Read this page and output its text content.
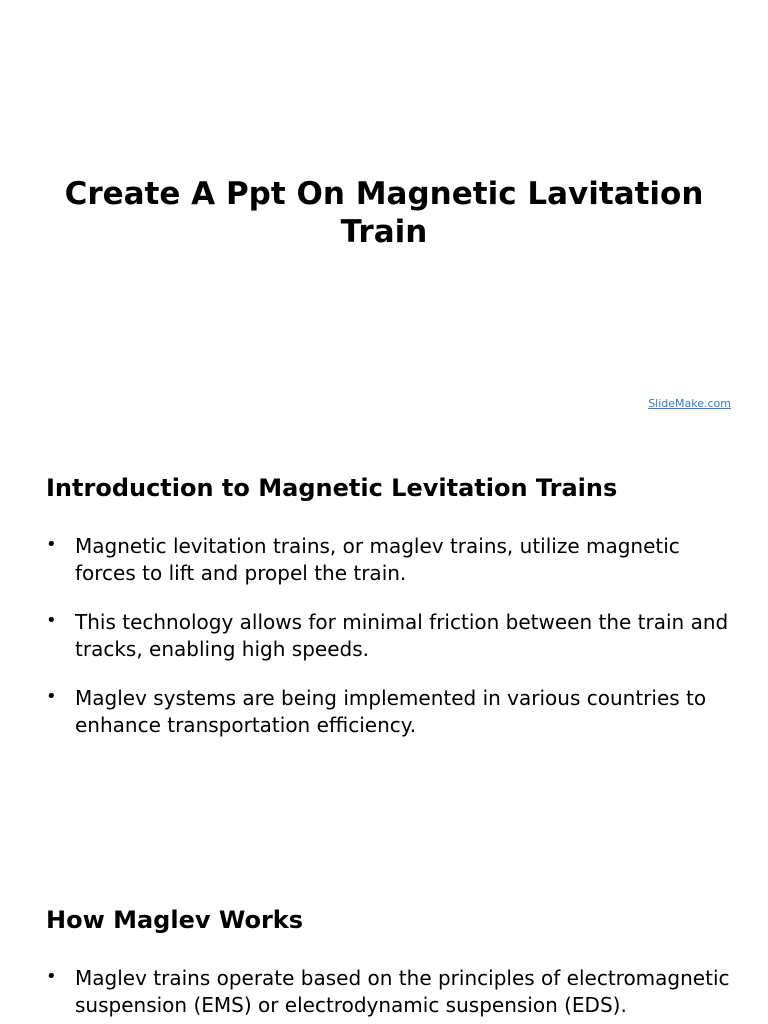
Create A Ppt On Magnetic Lavitation Train
SlideMake.com
Introduction to Magnetic Levitation Trains
• Magnetic levitation trains, or maglev trains, utilize magnetic forces to lift and propel the train.
• This technology allows for minimal friction between the train and tracks, enabling high speeds.
• Maglev systems are being implemented in various countries to enhance transportation efficiency.
How Maglev Works
• Maglev trains operate based on the principles of electromagnetic suspension (EMS) or electrodynamic suspension (EDS).
